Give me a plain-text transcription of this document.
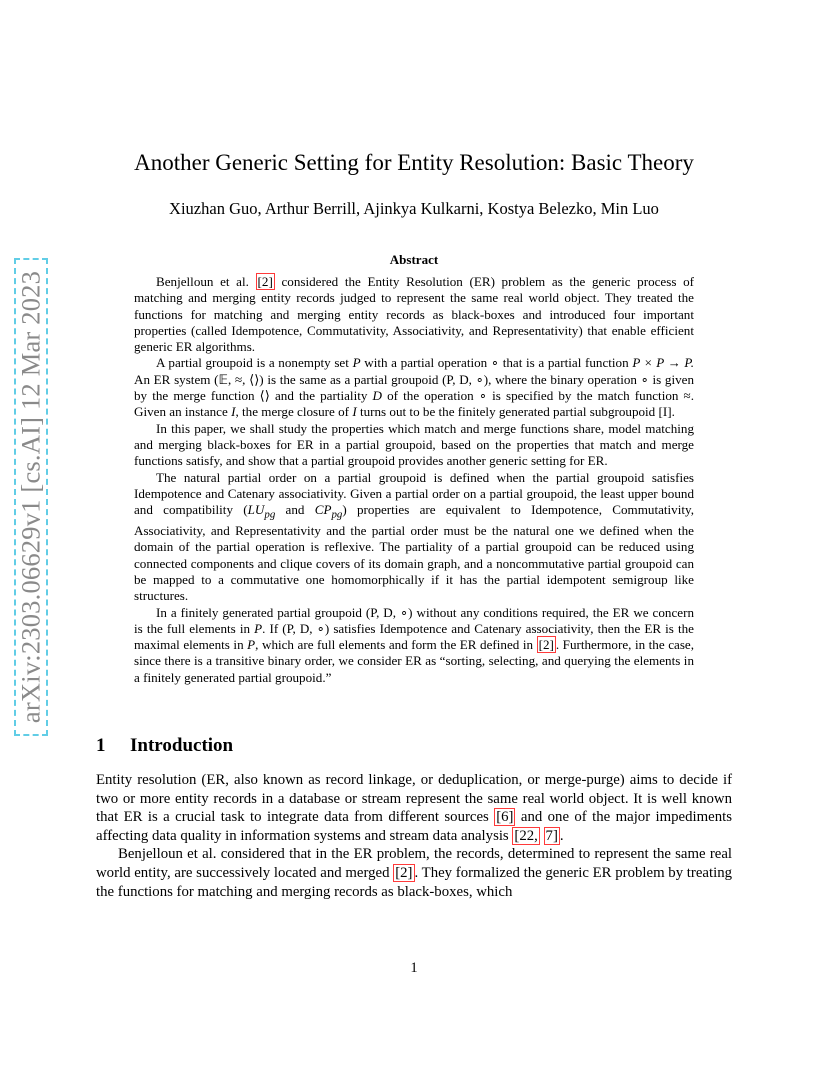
arXiv:2303.06629v1 [cs.AI] 12 Mar 2023
Another Generic Setting for Entity Resolution: Basic Theory
Xiuzhan Guo, Arthur Berrill, Ajinkya Kulkarni, Kostya Belezko, Min Luo
Abstract

Benjelloun et al. [2] considered the Entity Resolution (ER) problem as the generic process of matching and merging entity records judged to represent the same real world object. They treated the functions for matching and merging entity records as black-boxes and introduced four important properties (called Idempotence, Commutativity, Associativity, and Representativity) that enable efficient generic ER algorithms.

A partial groupoid is a nonempty set P with a partial operation ∘ that is a partial function P × P → P. An ER system (𝔼, ≈, ⟨⟩) is the same as a partial groupoid (P, D, ∘), where the binary operation ∘ is given by the merge function ⟨⟩ and the partiality D of the operation ∘ is specified by the match function ≈. Given an instance I, the merge closure of I turns out to be the finitely generated partial subgroupoid [I].

In this paper, we shall study the properties which match and merge functions share, model matching and merging black-boxes for ER in a partial groupoid, based on the properties that match and merge functions satisfy, and show that a partial groupoid provides another generic setting for ER.

The natural partial order on a partial groupoid is defined when the partial groupoid satisfies Idempotence and Catenary associativity. Given a partial order on a partial groupoid, the least upper bound and compatibility ($LU_{pg}$ and $CP_{pg}$) properties are equivalent to Idempotence, Commutativity, Associativity, and Representativity and the partial order must be the natural one we defined when the domain of the partial operation is reflexive. The partiality of a partial groupoid can be reduced using connected components and clique covers of its domain graph, and a noncommutative partial groupoid can be mapped to a commutative one homomorphically if it has the partial idempotent semigroup like structures.

In a finitely generated partial groupoid (P, D, ∘) without any conditions required, the ER we concern is the full elements in P. If (P, D, ∘) satisfies Idempotence and Catenary associativity, then the ER is the maximal elements in P, which are full elements and form the ER defined in [2] . Furthermore, in the case, since there is a transitive binary order, we consider ER as “sorting, selecting, and querying the elements in a finitely generated partial groupoid.”

1 Introduction

Entity resolution (ER, also known as record linkage, or deduplication, or merge-purge) aims to decide if two or more entity records in a database or stream represent the same real world object. It is well known that ER is a crucial task to integrate data from different sources [6] and one of the major impediments affecting data quality in information systems and stream data analysis [22, 7] .

Benjelloun et al. considered that in the ER problem, the records, determined to represent the same real world entity, are successively located and merged [2] . They formalized the generic ER problem by treating the functions for matching and merging records as black-boxes, which

1
